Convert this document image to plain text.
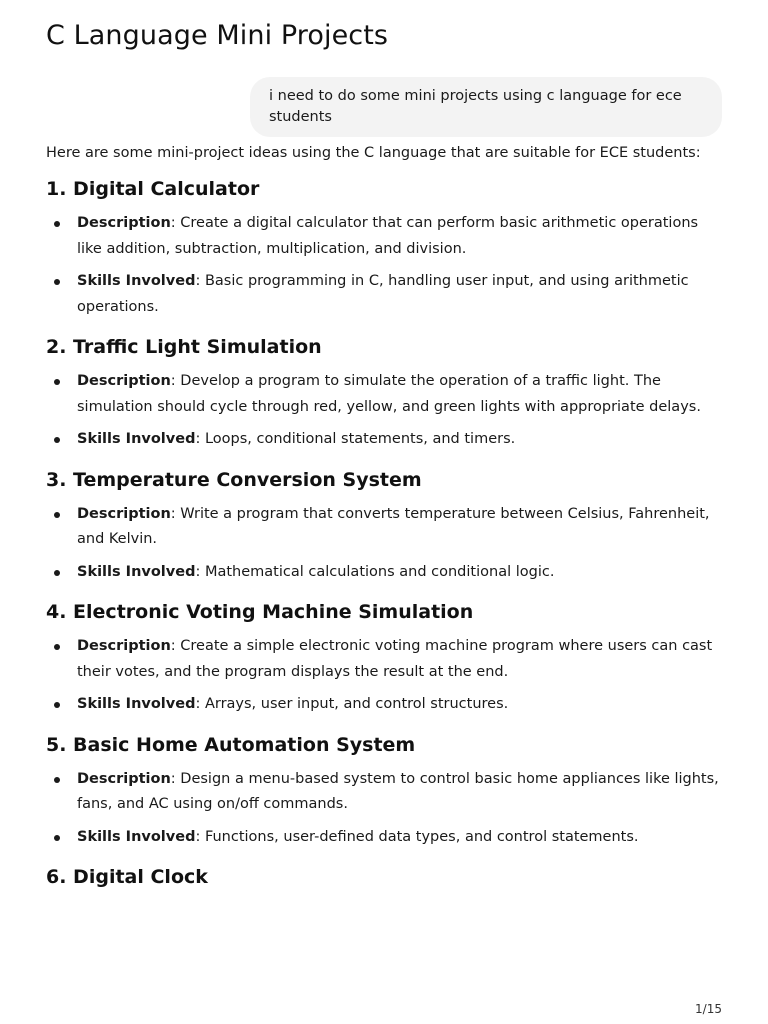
C Language Mini Projects
i need to do some mini projects using c language for ece students

Here are some mini-project ideas using the C language that are suitable for ECE students:

1. Digital Calculator
Description: Create a digital calculator that can perform basic arithmetic operations like addition, subtraction, multiplication, and division.
Skills Involved: Basic programming in C, handling user input, and using arithmetic operations.
2. Traffic Light Simulation
Description: Develop a program to simulate the operation of a traffic light. The simulation should cycle through red, yellow, and green lights with appropriate delays.
Skills Involved: Loops, conditional statements, and timers.
3. Temperature Conversion System
Description: Write a program that converts temperature between Celsius, Fahrenheit, and Kelvin.
Skills Involved: Mathematical calculations and conditional logic.
4. Electronic Voting Machine Simulation
Description: Create a simple electronic voting machine program where users can cast their votes, and the program displays the result at the end.
Skills Involved: Arrays, user input, and control structures.
5. Basic Home Automation System
Description: Design a menu-based system to control basic home appliances like lights, fans, and AC using on/off commands.
Skills Involved: Functions, user-defined data types, and control statements.
6. Digital Clock
1/15
